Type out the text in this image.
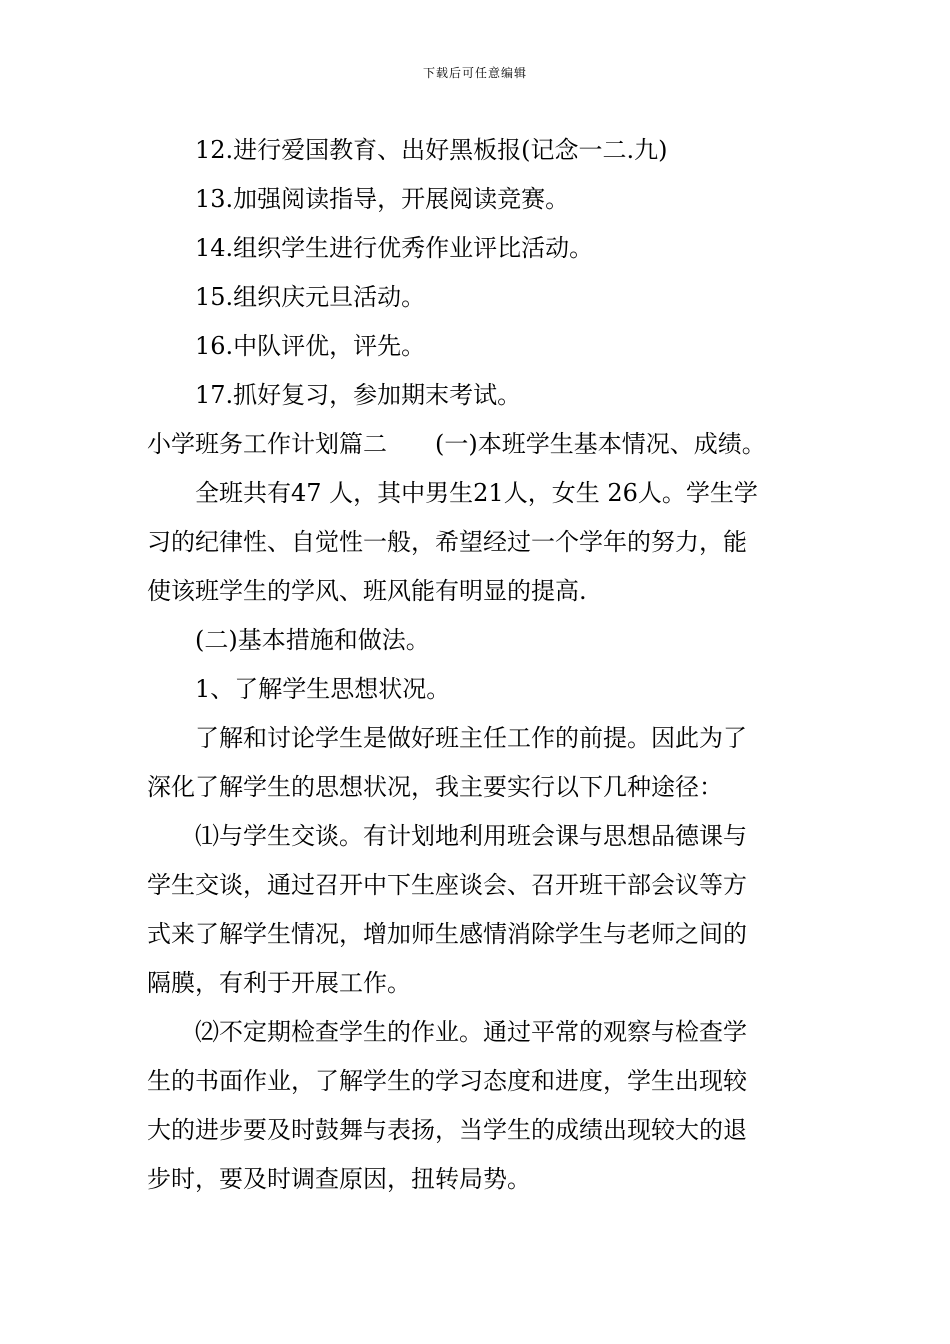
下载后可任意编辑
12.进行爱国教育、出好黑板报(记念一二.九)
13.加强阅读指导，开展阅读竞赛。
14.组织学生进行优秀作业评比活动。
15.组织庆元旦活动。
16.中队评优，评先。
17.抓好复习，参加期末考试。
小学班务工作计划篇二 (一)本班学生基本情况、成绩。
全班共有47 人，其中男生21人，女生 26人。学生学
习的纪律性、自觉性一般，希望经过一个学年的努力，能
使该班学生的学风、班风能有明显的提高.
(二)基本措施和做法。
1、了解学生思想状况。
了解和讨论学生是做好班主任工作的前提。因此为了
深化了解学生的思想状况，我主要实行以下几种途径：
⑴与学生交谈。有计划地利用班会课与思想品德课与
学生交谈，通过召开中下生座谈会、召开班干部会议等方
式来了解学生情况，增加师生感情消除学生与老师之间的
隔膜，有利于开展工作。
⑵不定期检查学生的作业。通过平常的观察与检查学
生的书面作业，了解学生的学习态度和进度，学生出现较
大的进步要及时鼓舞与表扬，当学生的成绩出现较大的退
步时，要及时调查原因，扭转局势。
